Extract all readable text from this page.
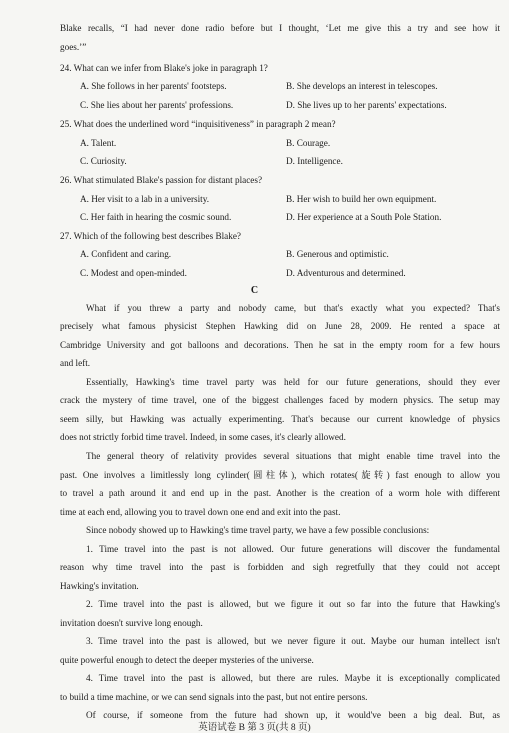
Blake recalls, “I had never done radio before but I thought, ‘Let me give this a try and see how it
goes.’”
24. What can we infer from Blake's joke in paragraph 1?
A. She follows in her parents' footsteps.	B. She develops an interest in telescopes.
C. She lies about her parents' professions.	D. She lives up to her parents' expectations.
25. What does the underlined word “inquisitiveness” in paragraph 2 mean?
A. Talent.	B. Courage.
C. Curiosity.	D. Intelligence.
26. What stimulated Blake's passion for distant places?
A. Her visit to a lab in a university.	B. Her wish to build her own equipment.
C. Her faith in hearing the cosmic sound.	D. Her experience at a South Pole Station.
27. Which of the following best describes Blake?
A. Confident and caring.	B. Generous and optimistic.
C. Modest and open-minded.	D. Adventurous and determined.
C
What if you threw a party and nobody came, but that's exactly what you expected? That's
precisely what famous physicist Stephen Hawking did on June 28, 2009. He rented a space at
Cambridge University and got balloons and decorations. Then he sat in the empty room for a few hours
and left.
Essentially, Hawking's time travel party was held for our future generations, should they ever
crack the mystery of time travel, one of the biggest challenges faced by modern physics. The setup may
seem silly, but Hawking was actually experimenting. That's because our current knowledge of physics
does not strictly forbid time travel. Indeed, in some cases, it's clearly allowed.
The general theory of relativity provides several situations that might enable time travel into the
past. One involves a limitlessly long cylinder(圆柱体), which rotates(旋转) fast enough to allow you
to travel a path around it and end up in the past. Another is the creation of a worm hole with different
time at each end, allowing you to travel down one end and exit into the past.
Since nobody showed up to Hawking's time travel party, we have a few possible conclusions:
1. Time travel into the past is not allowed. Our future generations will discover the fundamental
reason why time travel into the past is forbidden and sigh regretfully that they could not accept
Hawking's invitation.
2. Time travel into the past is allowed, but we figure it out so far into the future that Hawking's
invitation doesn't survive long enough.
3. Time travel into the past is allowed, but we never figure it out. Maybe our human intellect isn't
quite powerful enough to detect the deeper mysteries of the universe.
4. Time travel into the past is allowed, but there are rules. Maybe it is exceptionally complicated
to build a time machine, or we can send signals into the past, but not entire persons.
Of course, if someone from the future had shown up, it would've been a big deal. But, as
英语试卷 B 第 3 页(共 8 页)
